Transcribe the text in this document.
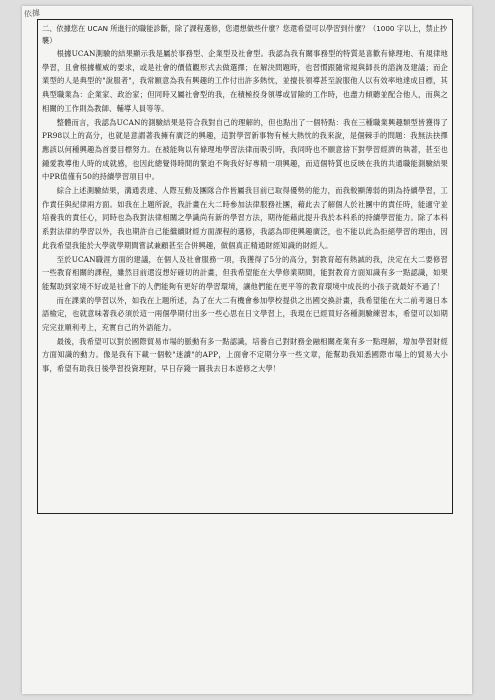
依據

二、依據您在 UCAN 所進行的職能診斷，除了課程選修，您還想做些什麼？您還希望可以學習到什麼？（1000 字以上，禁止抄襲）

根據UCAN測驗的結果顯示我是屬於事務型、企業型及社會型。我認為我有關事務型的特質是喜歡有條理地、有規律地學習，且會根據權威的要求，或是社會的價值觀形式去做選擇；在解決問題時，也習慣跟隨常規與師長的諮詢及建議；而企業型的人是典型的"說服者"，我常願意為我有興趣的工作付出許多熱忱，並擅長領導甚至說服他人以有效率地達成目標，其典型職業為：企業家、政治家；但同時又屬社會型的我，在積極投身領導或冒險的工作時，也盡力傾聽並配合他人，而與之相關的工作則為教師、輔導人員等等。

整體而言，我認為UCAN的測驗結果是符合我對自己的理解的，但也點出了一個特點：我在三種職業興趣類型皆獲得了PR98以上的高分，也就是意謂著我擁有廣泛的興趣，這對學習新事物有極大熱忱的我來說，是個棘手的問題：我無法抉擇應該以何種興趣為首要目標努力。在被能夠以有條理地學習法律而吸引時，我同時也不願意捨下對學習經濟的執著，甚至也鍾愛教導他人時的成就感，也因此總覺得時間的緊迫不夠我好好專精一項興趣，而這個特質也反映在我的共通職能測驗結果中PR值僅有50的持續學習項目中。

綜合上述測驗結果，溝通表達、人際互動及團隊合作皆屬我目前已取得優勢的能力，而我較顯薄弱的則為持續學習，工作責任與紀律兩方面。如我在上題所說，我計畫在大二時參加法律服務社團，藉此去了解個人於社團中的責任時，能適守並培養我的責任心，同時也為我對法律相關之學識尚有新的學習方法，期待能藉此提升我於本科系的持續學習能力。除了本科系對法律的學習以外，我也期許自己能繼續財經方面課程的選修，我認為即使興趣廣泛，也不能以此為拒絕學習的理由，因此我希望我能於大學就學期間嘗試兼顧甚至合併興趣，做個真正精通財經知識的財經人。

至於UCAN職涯方面的建議，在個人及社會服務一項，我獲得了5分的高分，對教育超有熱誠的我，決定在大二要修習一些教育相關的課程，雖然目前還沒想好確切的計畫，但我希望能在大學修業期間，能對教育方面知識有多一點認識，如果能幫助到家境不好或是社會下的人們能夠有更好的學習環境，讓他們能在更平等的教育環境中成長的小孩子就最好不過了！

而在課業的學習以外，如我在上題所述，為了在大二有機會參加學校提供之出國交換計畫，我希望能在大二前考過日本語檢定，也就意味著我必須於這一兩個學期付出多一些心思在日文學習上，我現在已經買好各種測驗練習本，希望可以如期完完並順利考上，充實自己的外語能力。

最後，我希望可以對於國際貿易市場的脈動有多一點認識，培養自己對財務金融相關產業有多一點理解，增加學習財經方面知識的動力。像是我有下載一個較"迷讀"的APP，上面會不定期分享一些文章，能幫助我知悉國際市場上的貿易大小事，希望有助我日後學習投資理財，早日存錢一圓我去日本遊修之大學！
